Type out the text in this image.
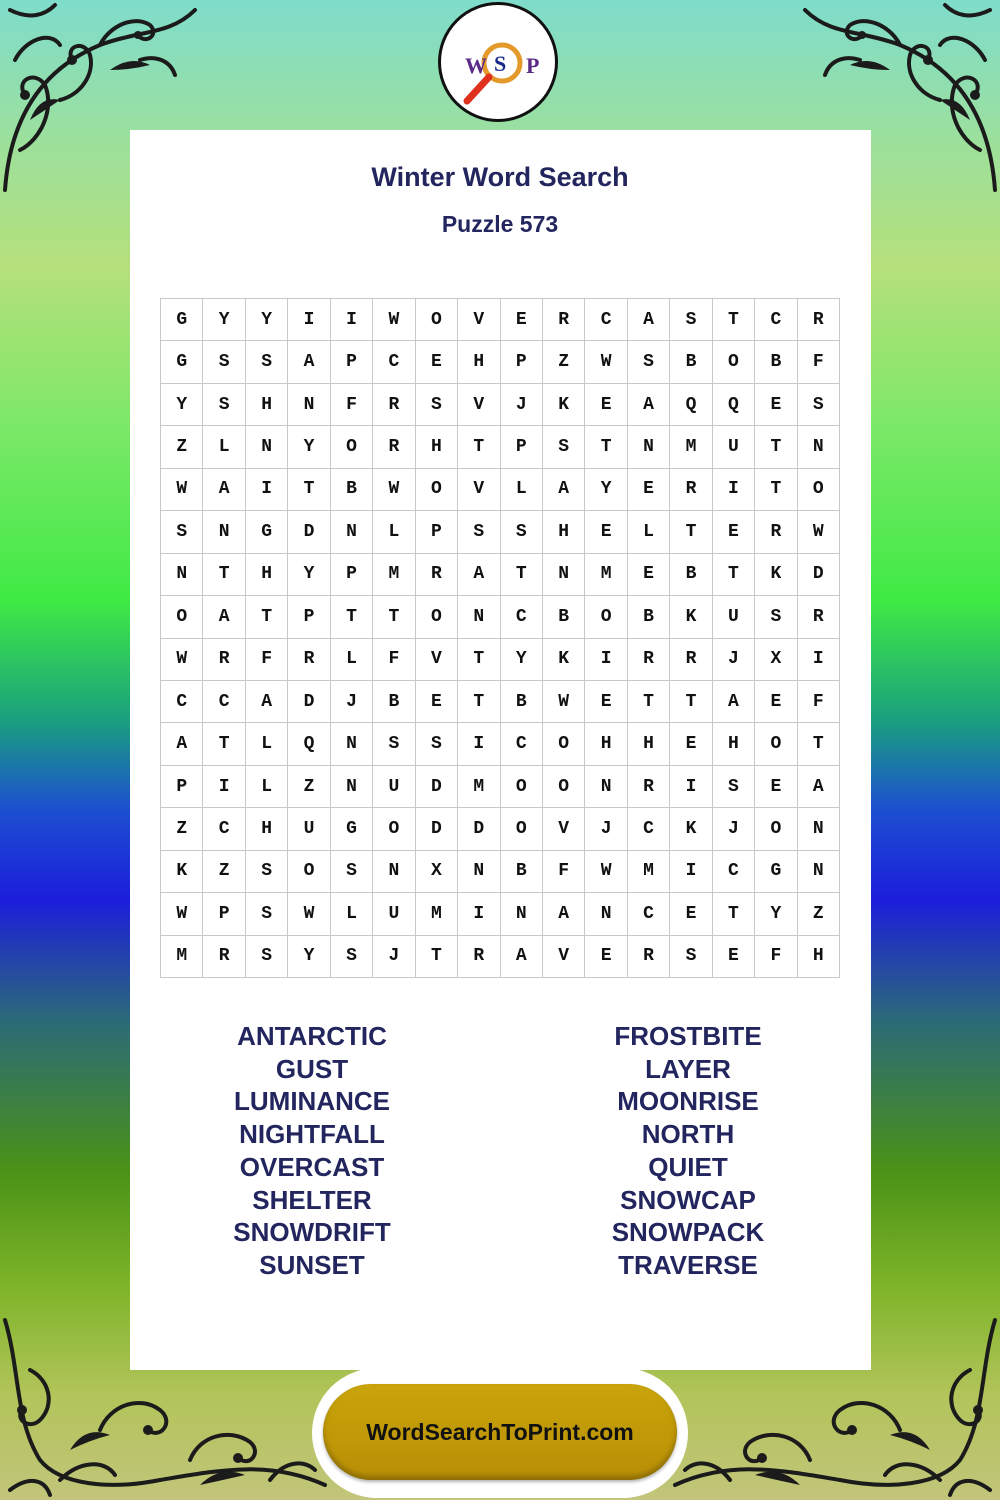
W S P
Winter Word Search
Puzzle 573
G	Y	Y	I	I	W	O	V	E	R	C	A	S	T	C	R
G	S	S	A	P	C	E	H	P	Z	W	S	B	O	B	F
Y	S	H	N	F	R	S	V	J	K	E	A	Q	Q	E	S
Z	L	N	Y	O	R	H	T	P	S	T	N	M	U	T	N
W	A	I	T	B	W	O	V	L	A	Y	E	R	I	T	O
S	N	G	D	N	L	P	S	S	H	E	L	T	E	R	W
N	T	H	Y	P	M	R	A	T	N	M	E	B	T	K	D
O	A	T	P	T	T	O	N	C	B	O	B	K	U	S	R
W	R	F	R	L	F	V	T	Y	K	I	R	R	J	X	I
C	C	A	D	J	B	E	T	B	W	E	T	T	A	E	F
A	T	L	Q	N	S	S	I	C	O	H	H	E	H	O	T
P	I	L	Z	N	U	D	M	O	O	N	R	I	S	E	A
Z	C	H	U	G	O	D	D	O	V	J	C	K	J	O	N
K	Z	S	O	S	N	X	N	B	F	W	M	I	C	G	N
W	P	S	W	L	U	M	I	N	A	N	C	E	T	Y	Z
M	R	S	Y	S	J	T	R	A	V	E	R	S	E	F	H
ANTARCTIC
GUST
LUMINANCE
NIGHTFALL
OVERCAST
SHELTER
SNOWDRIFT
SUNSET
FROSTBITE
LAYER
MOONRISE
NORTH
QUIET
SNOWCAP
SNOWPACK
TRAVERSE
WordSearchToPrint.com
